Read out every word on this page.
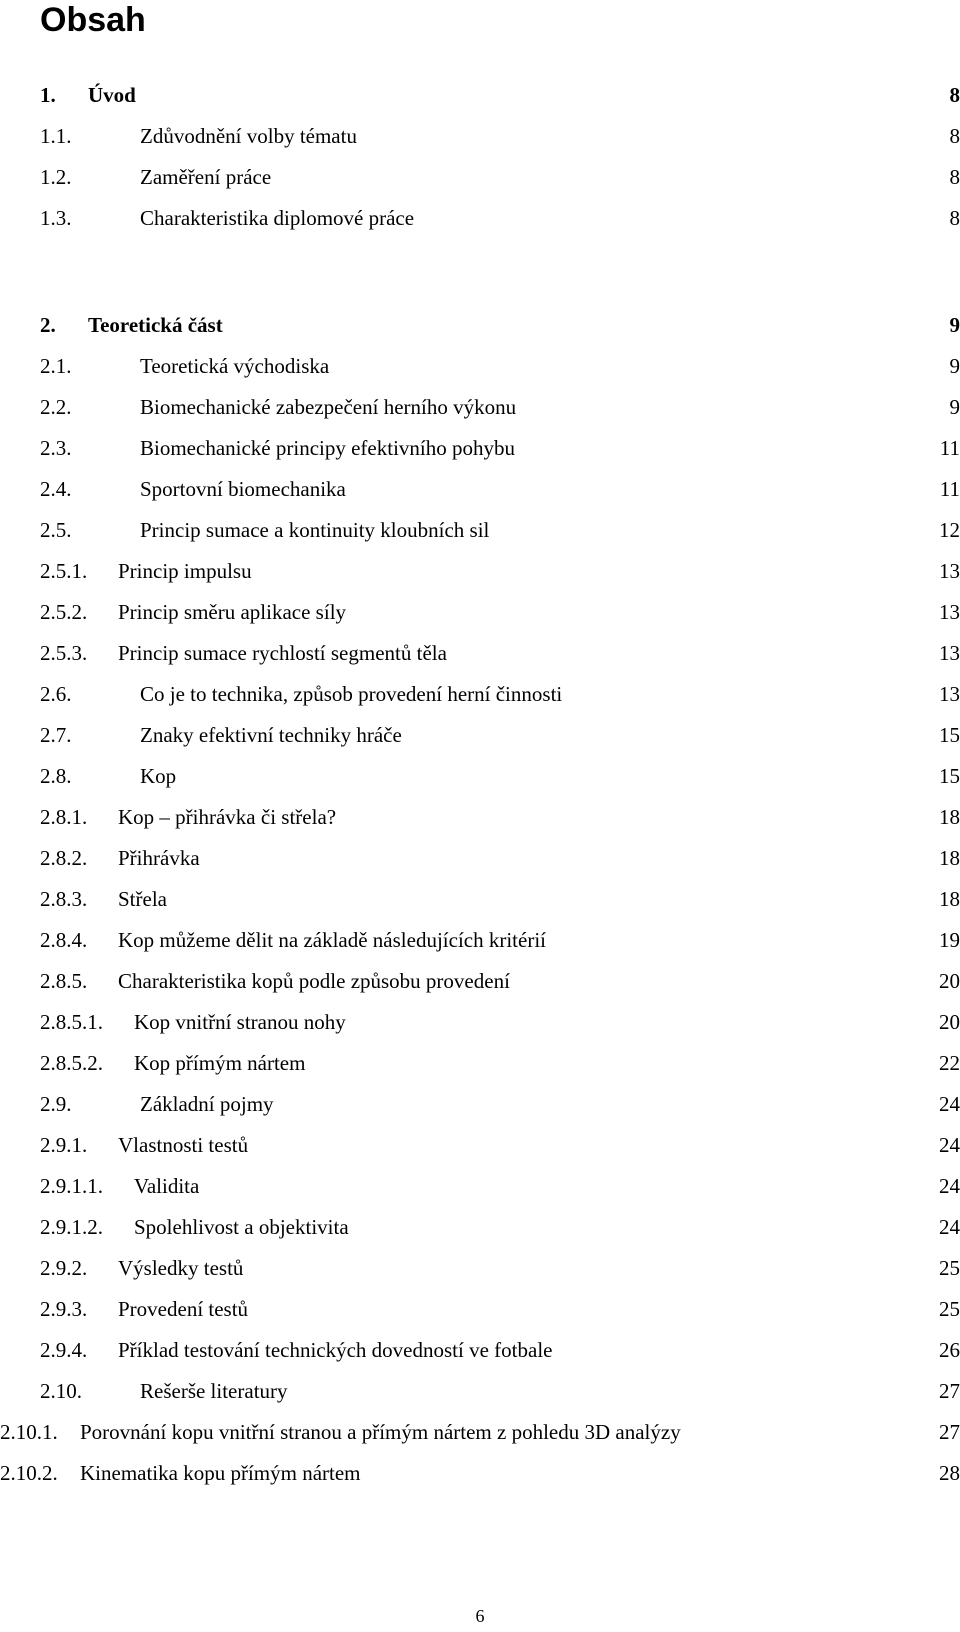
Obsah
1. Úvod	8
1.1.	Zdůvodnění volby tématu	8
1.2.	Zaměření práce	8
1.3.	Charakteristika diplomové práce	8
2. Teoretická část	9
2.1.	Teoretická východiska	9
2.2.	Biomechanické zabezpečení herního výkonu	9
2.3.	Biomechanické principy efektivního pohybu	11
2.4.	Sportovní biomechanika	11
2.5.	Princip sumace a kontinuity kloubních sil	12
2.5.1. Princip impulsu	13
2.5.2. Princip směru aplikace síly	13
2.5.3. Princip sumace rychlostí segmentů těla	13
2.6.	Co je to technika, způsob provedení herní činnosti	13
2.7.	Znaky efektivní techniky hráče	15
2.8.	Kop	15
2.8.1. Kop – přihrávka či střela?	18
2.8.2. Přihrávka	18
2.8.3. Střela	18
2.8.4. Kop můžeme dělit na základě následujících kritérií	19
2.8.5. Charakteristika kopů podle způsobu provedení	20
2.8.5.1. Kop vnitřní stranou nohy	20
2.8.5.2. Kop přímým nártem	22
2.9.	Základní pojmy	24
2.9.1. Vlastnosti testů	24
2.9.1.1. Validita	24
2.9.1.2. Spolehlivost a objektivita	24
2.9.2. Výsledky testů	25
2.9.3. Provedení testů	25
2.9.4. Příklad testování technických dovedností ve fotbale	26
2.10.	Rešerše literatury	27
2.10.1. Porovnání kopu vnitřní stranou a přímým nártem z pohledu 3D analýzy	27
2.10.2. Kinematika kopu přímým nártem	28
6
